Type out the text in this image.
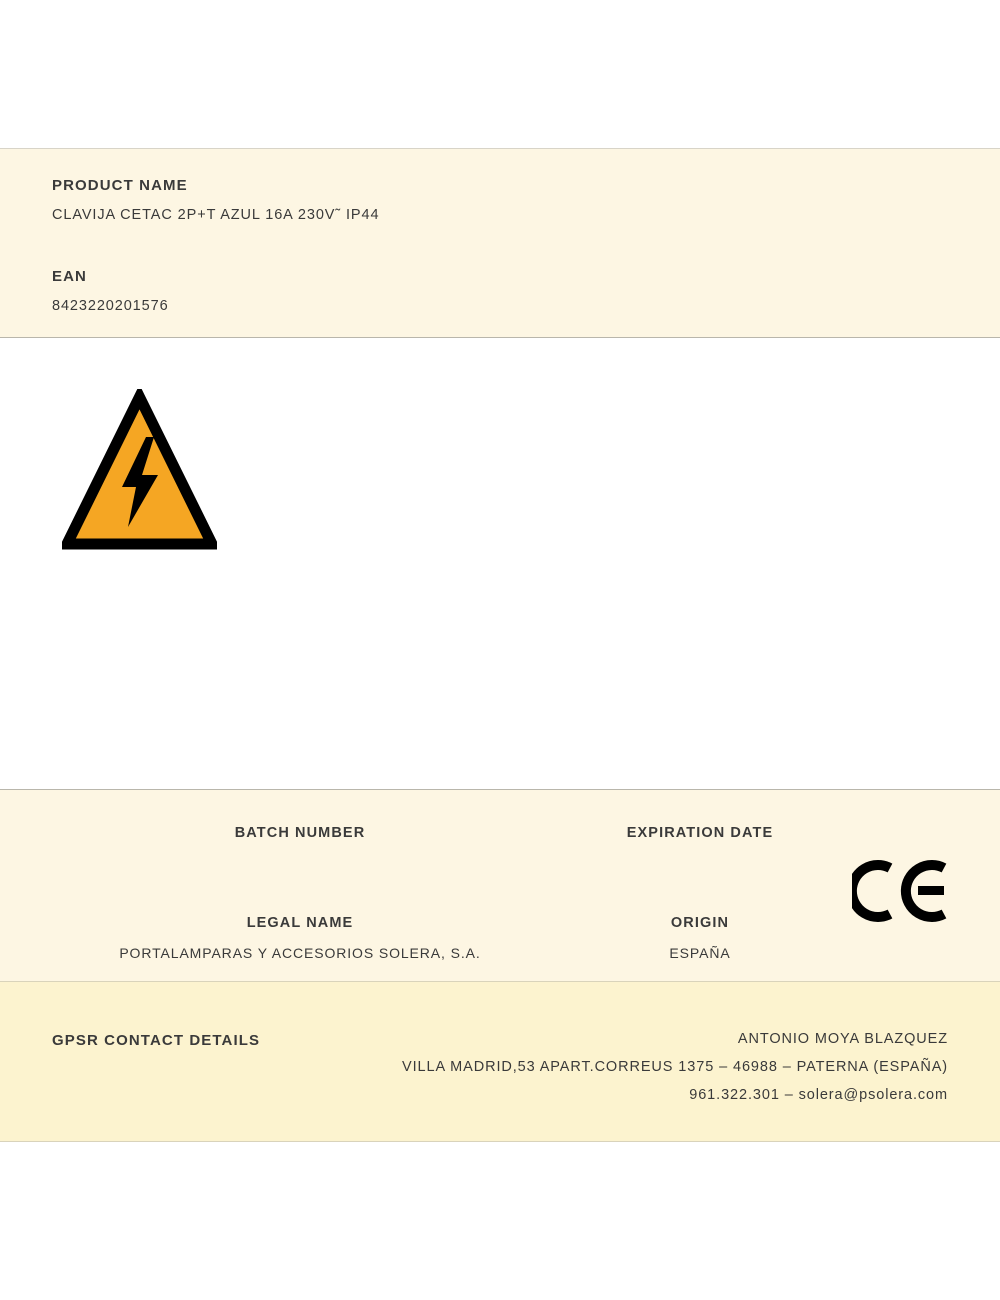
PRODUCT NAME
CLAVIJA CETAC 2P+T AZUL 16A 230V˜ IP44
EAN
8423220201576
BATCH NUMBER	EXPIRATION DATE
LEGAL NAME
PORTALAMPARAS Y ACCESORIOS SOLERA, S.A.
ORIGIN
ESPAÑA
GPSR CONTACT DETAILS	ANTONIO MOYA BLAZQUEZ
VILLA MADRID,53 APART.CORREUS 1375 – 46988 – PATERNA (ESPAÑA)
961.322.301 – solera@psolera.com
